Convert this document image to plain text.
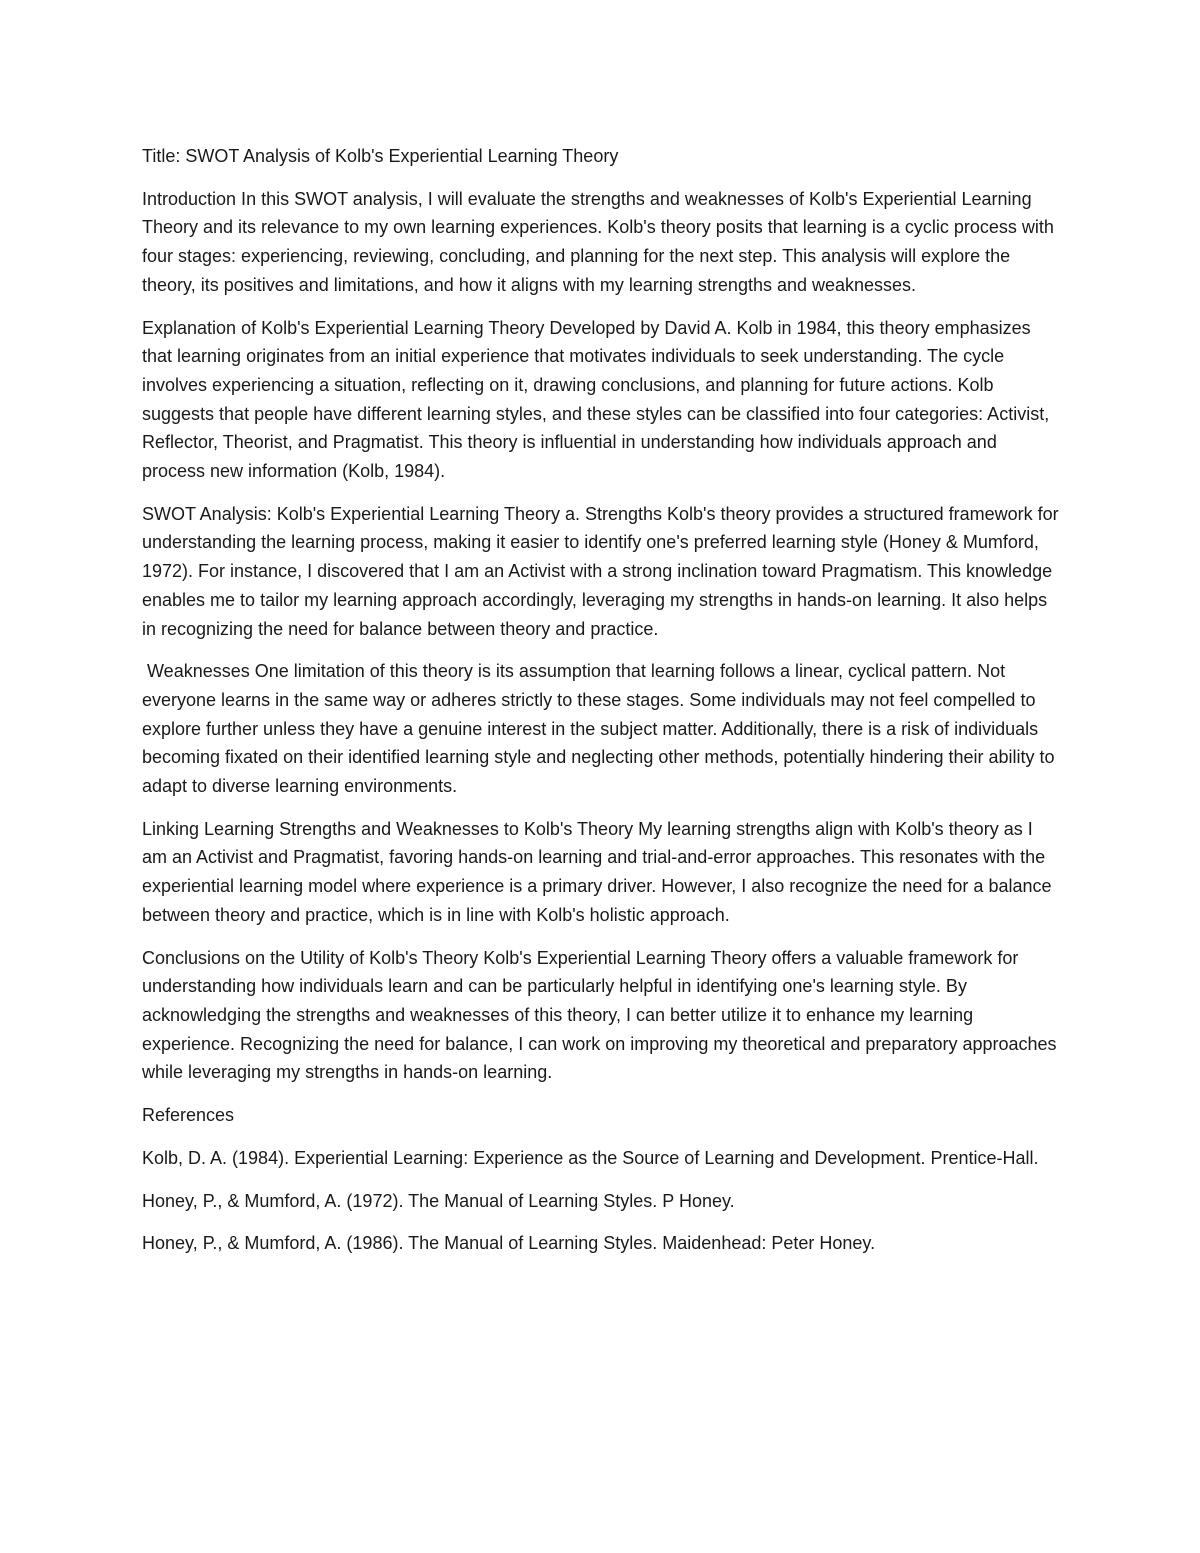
Title: SWOT Analysis of Kolb's Experiential Learning Theory

Introduction In this SWOT analysis, I will evaluate the strengths and weaknesses of Kolb's Experiential Learning Theory and its relevance to my own learning experiences. Kolb's theory posits that learning is a cyclic process with four stages: experiencing, reviewing, concluding, and planning for the next step. This analysis will explore the theory, its positives and limitations, and how it aligns with my learning strengths and weaknesses.

Explanation of Kolb's Experiential Learning Theory Developed by David A. Kolb in 1984, this theory emphasizes that learning originates from an initial experience that motivates individuals to seek understanding. The cycle involves experiencing a situation, reflecting on it, drawing conclusions, and planning for future actions. Kolb suggests that people have different learning styles, and these styles can be classified into four categories: Activist, Reflector, Theorist, and Pragmatist. This theory is influential in understanding how individuals approach and process new information (Kolb, 1984).

SWOT Analysis: Kolb's Experiential Learning Theory a. Strengths Kolb's theory provides a structured framework for understanding the learning process, making it easier to identify one's preferred learning style (Honey & Mumford, 1972). For instance, I discovered that I am an Activist with a strong inclination toward Pragmatism. This knowledge enables me to tailor my learning approach accordingly, leveraging my strengths in hands-on learning. It also helps in recognizing the need for balance between theory and practice.

Weaknesses One limitation of this theory is its assumption that learning follows a linear, cyclical pattern. Not everyone learns in the same way or adheres strictly to these stages. Some individuals may not feel compelled to explore further unless they have a genuine interest in the subject matter. Additionally, there is a risk of individuals becoming fixated on their identified learning style and neglecting other methods, potentially hindering their ability to adapt to diverse learning environments.

Linking Learning Strengths and Weaknesses to Kolb's Theory My learning strengths align with Kolb's theory as I am an Activist and Pragmatist, favoring hands-on learning and trial-and-error approaches. This resonates with the experiential learning model where experience is a primary driver. However, I also recognize the need for a balance between theory and practice, which is in line with Kolb's holistic approach.

Conclusions on the Utility of Kolb's Theory Kolb's Experiential Learning Theory offers a valuable framework for understanding how individuals learn and can be particularly helpful in identifying one's learning style. By acknowledging the strengths and weaknesses of this theory, I can better utilize it to enhance my learning experience. Recognizing the need for balance, I can work on improving my theoretical and preparatory approaches while leveraging my strengths in hands-on learning.

References

Kolb, D. A. (1984). Experiential Learning: Experience as the Source of Learning and Development. Prentice-Hall.

Honey, P., & Mumford, A. (1972). The Manual of Learning Styles. P Honey.

Honey, P., & Mumford, A. (1986). The Manual of Learning Styles. Maidenhead: Peter Honey.
